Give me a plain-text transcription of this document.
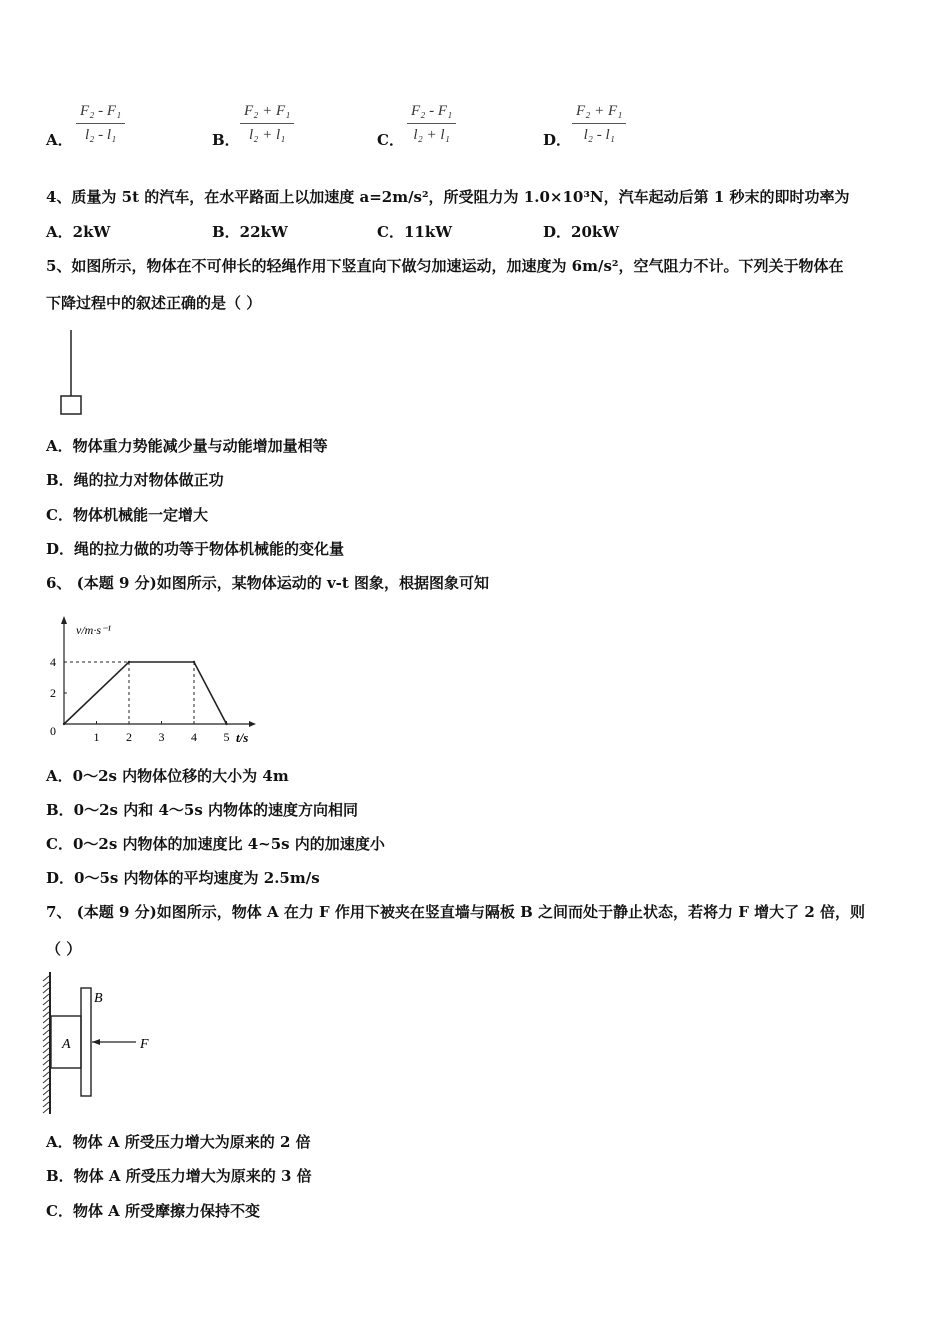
A． $\frac{\text{F₂ - F₁}}{\text{l₂ - l₁}}$	B． $\frac{\text{F₂ + F₁}}{\text{l₂ + l₁}}$	C． $\frac{\text{F₂ - F₁}}{\text{l₂ + l₁}}$	D． $\frac{\text{F₂ + F₁}}{\text{l₂ - l₁}}$
4、质量为 5t 的汽车，在水平路面上以加速度 a=2m/s²，所受阻力为 1.0×10³N，汽车起动后第 1 秒末的即时功率为
A．2kW	B．22kW	C．11kW	D．20kW
5、如图所示，物体在不可伸长的轻绳作用下竖直向下做匀加速运动，加速度为 6m/s²，空气阻力不计。下列关于物体在
下降过程中的叙述正确的是（ ）
A．物体重力势能减少量与动能增加量相等
B．绳的拉力对物体做正功
C．物体机械能一定增大
D．绳的拉力做的功等于物体机械能的变化量
6、 (本题 9 分)如图所示，某物体运动的 v-t 图象，根据图象可知
v/m·s⁻¹
t/s
0	1 2 3 4 5
2
4
A．0～2s 内物体位移的大小为 4m
B．0～2s 内和 4～5s 内物体的速度方向相同
C．0～2s 内物体的加速度比 4~5s 内的加速度小
D．0～5s 内物体的平均速度为 2.5m/s
7、 (本题 9 分)如图所示，物体 A 在力 F 作用下被夹在竖直墙与隔板 B 之间而处于静止状态，若将力 F 增大了 2 倍，则
（ ）
A
B
F
A．物体 A 所受压力增大为原来的 2 倍
B．物体 A 所受压力增大为原来的 3 倍
C．物体 A 所受摩擦力保持不变
